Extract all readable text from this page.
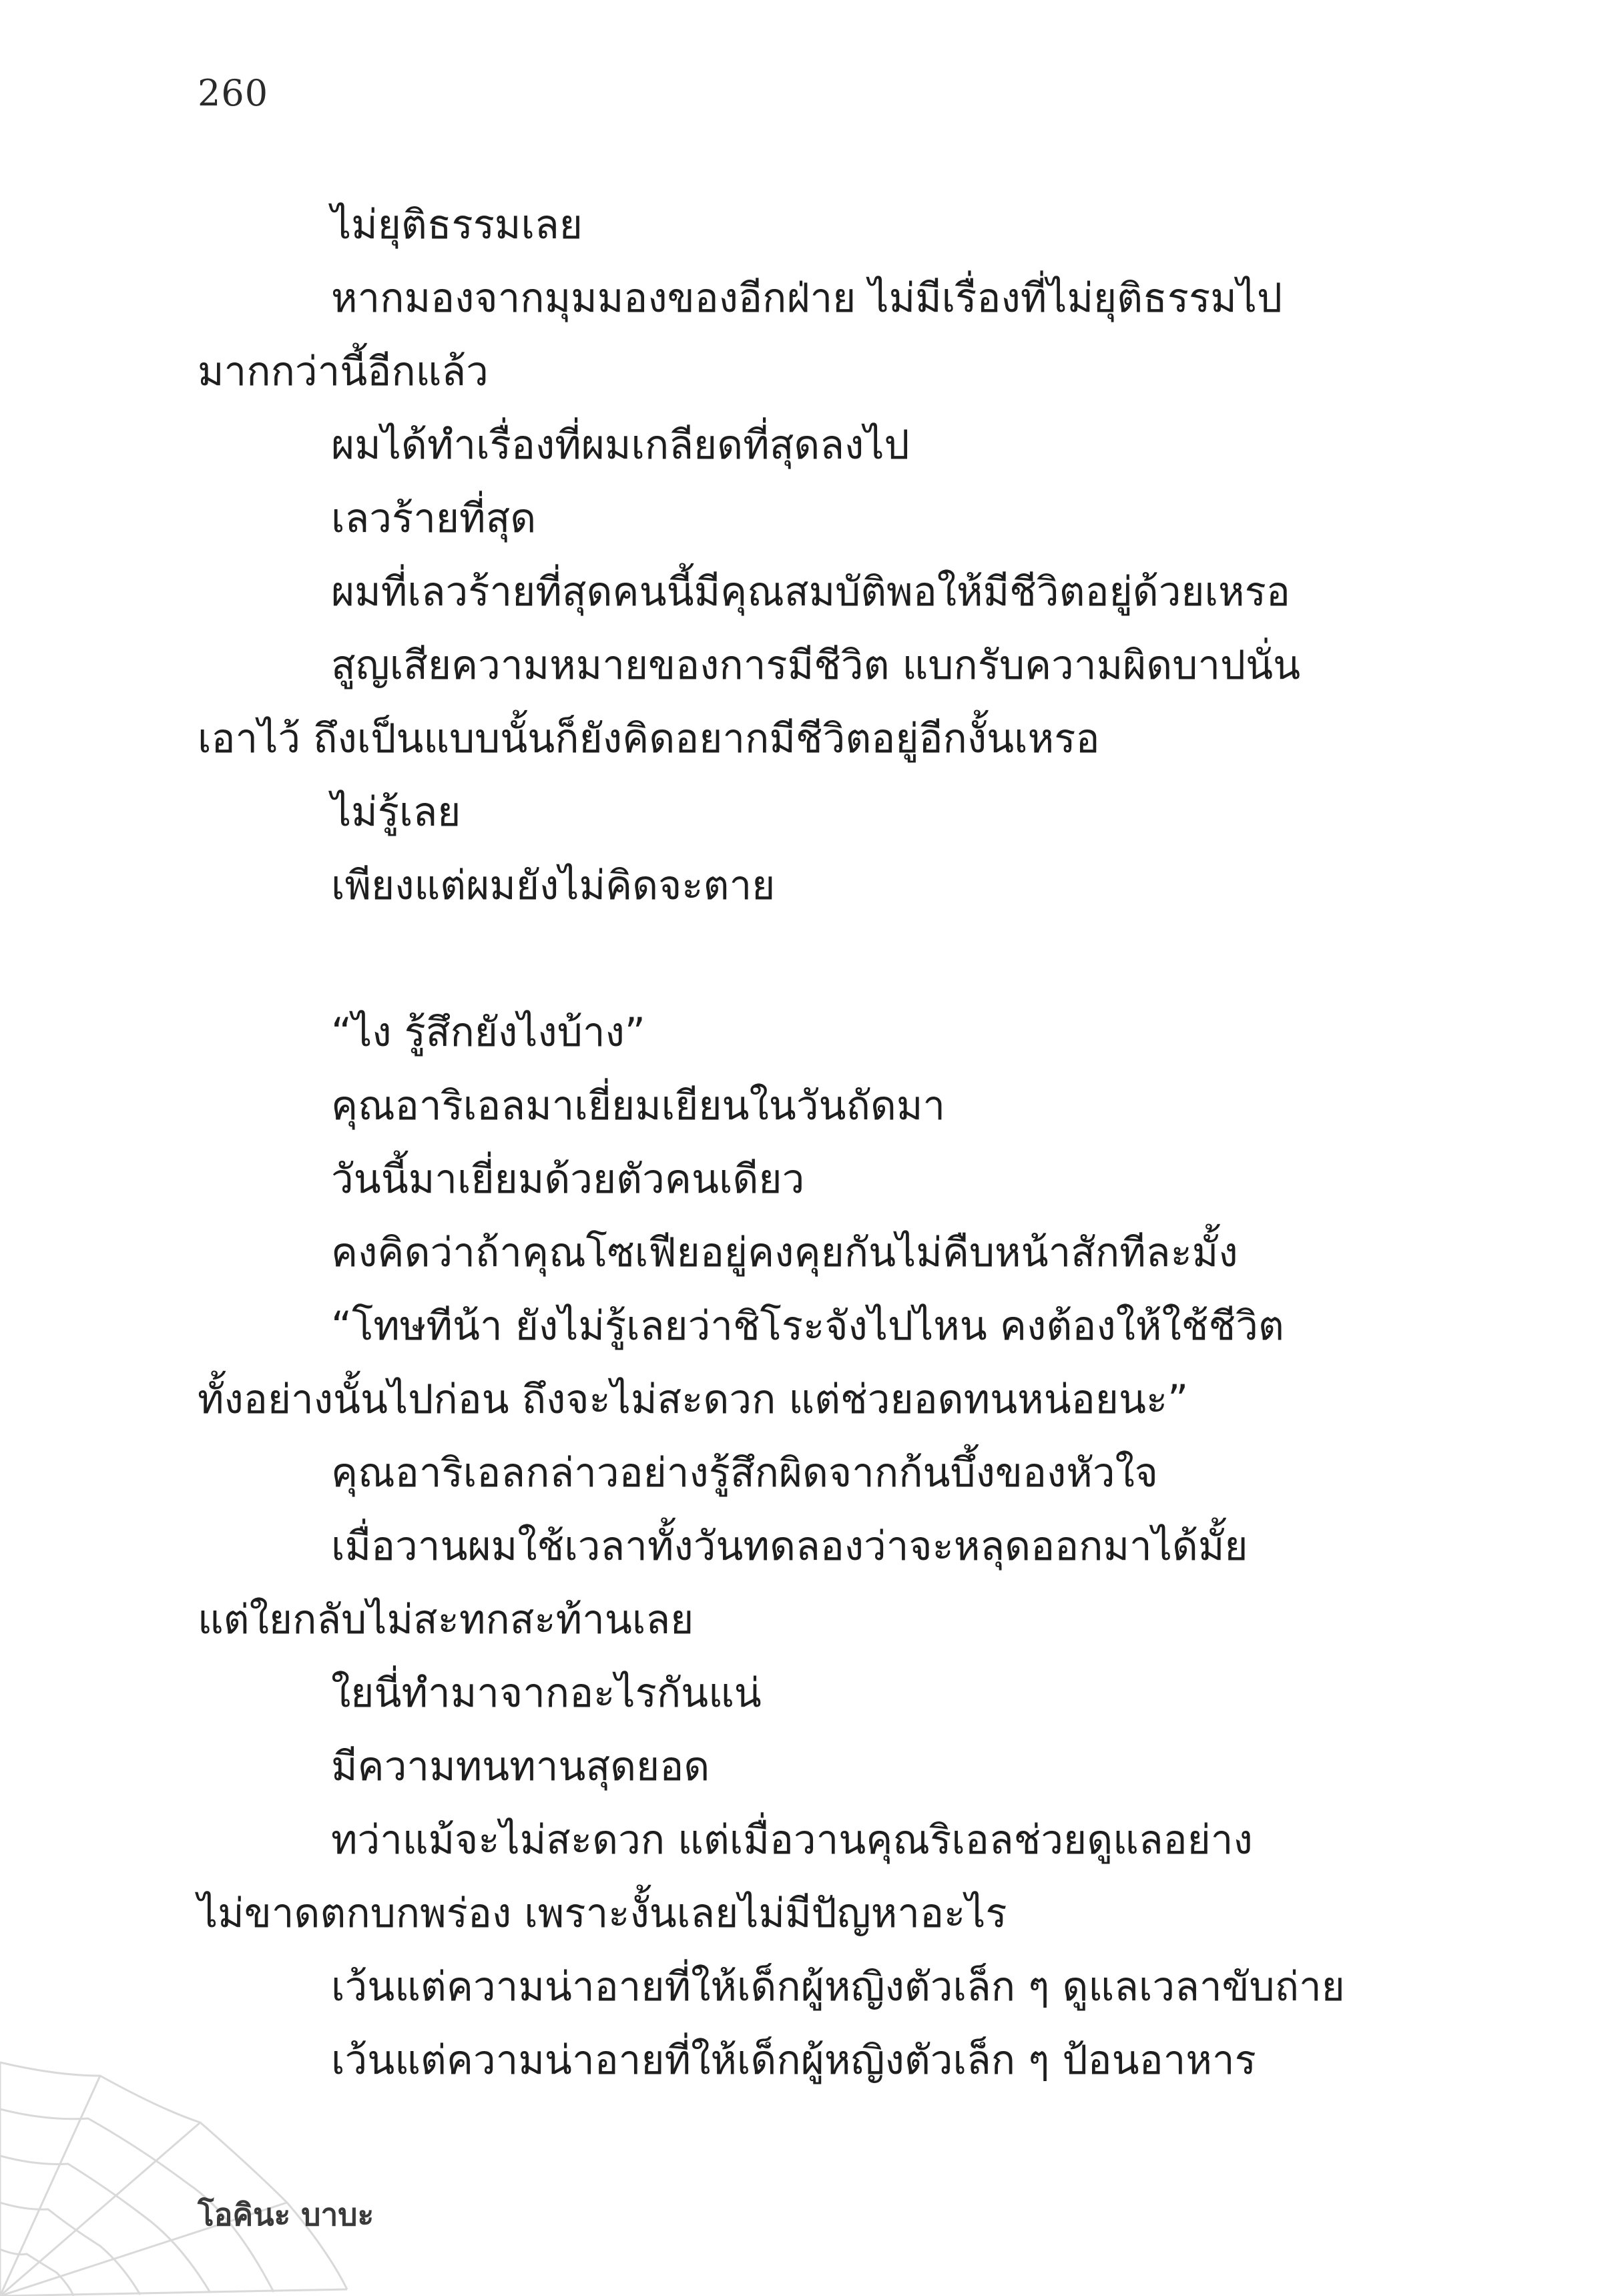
260
ไม่ยุติธรรมเลย
หากมองจากมุมมองของอีกฝ่าย ไม่มีเรื่องที่ไม่ยุติธรรมไป
มากกว่านี้อีกแล้ว
ผมได้ทำเรื่องที่ผมเกลียดที่สุดลงไป
เลวร้ายที่สุด
ผมที่เลวร้ายที่สุดคนนี้มีคุณสมบัติพอให้มีชีวิตอยู่ด้วยเหรอ
สูญเสียความหมายของการมีชีวิต แบกรับความผิดบาปนั่น
เอาไว้ ถึงเป็นแบบนั้นก็ยังคิดอยากมีชีวิตอยู่อีกงั้นเหรอ
ไม่รู้เลย
เพียงแต่ผมยังไม่คิดจะตาย
“ไง รู้สึกยังไงบ้าง”
คุณอาริเอลมาเยี่ยมเยียนในวันถัดมา
วันนี้มาเยี่ยมด้วยตัวคนเดียว
คงคิดว่าถ้าคุณโซเฟียอยู่คงคุยกันไม่คืบหน้าสักทีละมั้ง
“โทษทีน้า ยังไม่รู้เลยว่าชิโระจังไปไหน คงต้องให้ใช้ชีวิต
ทั้งอย่างนั้นไปก่อน ถึงจะไม่สะดวก แต่ช่วยอดทนหน่อยนะ”
คุณอาริเอลกล่าวอย่างรู้สึกผิดจากก้นบึ้งของหัวใจ
เมื่อวานผมใช้เวลาทั้งวันทดลองว่าจะหลุดออกมาได้มั้ย
แต่ใยกลับไม่สะทกสะท้านเลย
ใยนี่ทำมาจากอะไรกันแน่
มีความทนทานสุดยอด
ทว่าแม้จะไม่สะดวก แต่เมื่อวานคุณริเอลช่วยดูแลอย่าง
ไม่ขาดตกบกพร่อง เพราะงั้นเลยไม่มีปัญหาอะไร
เว้นแต่ความน่าอายที่ให้เด็กผู้หญิงตัวเล็ก ๆ ดูแลเวลาขับถ่าย
เว้นแต่ความน่าอายที่ให้เด็กผู้หญิงตัวเล็ก ๆ ป้อนอาหาร
โอคินะ บาบะ
